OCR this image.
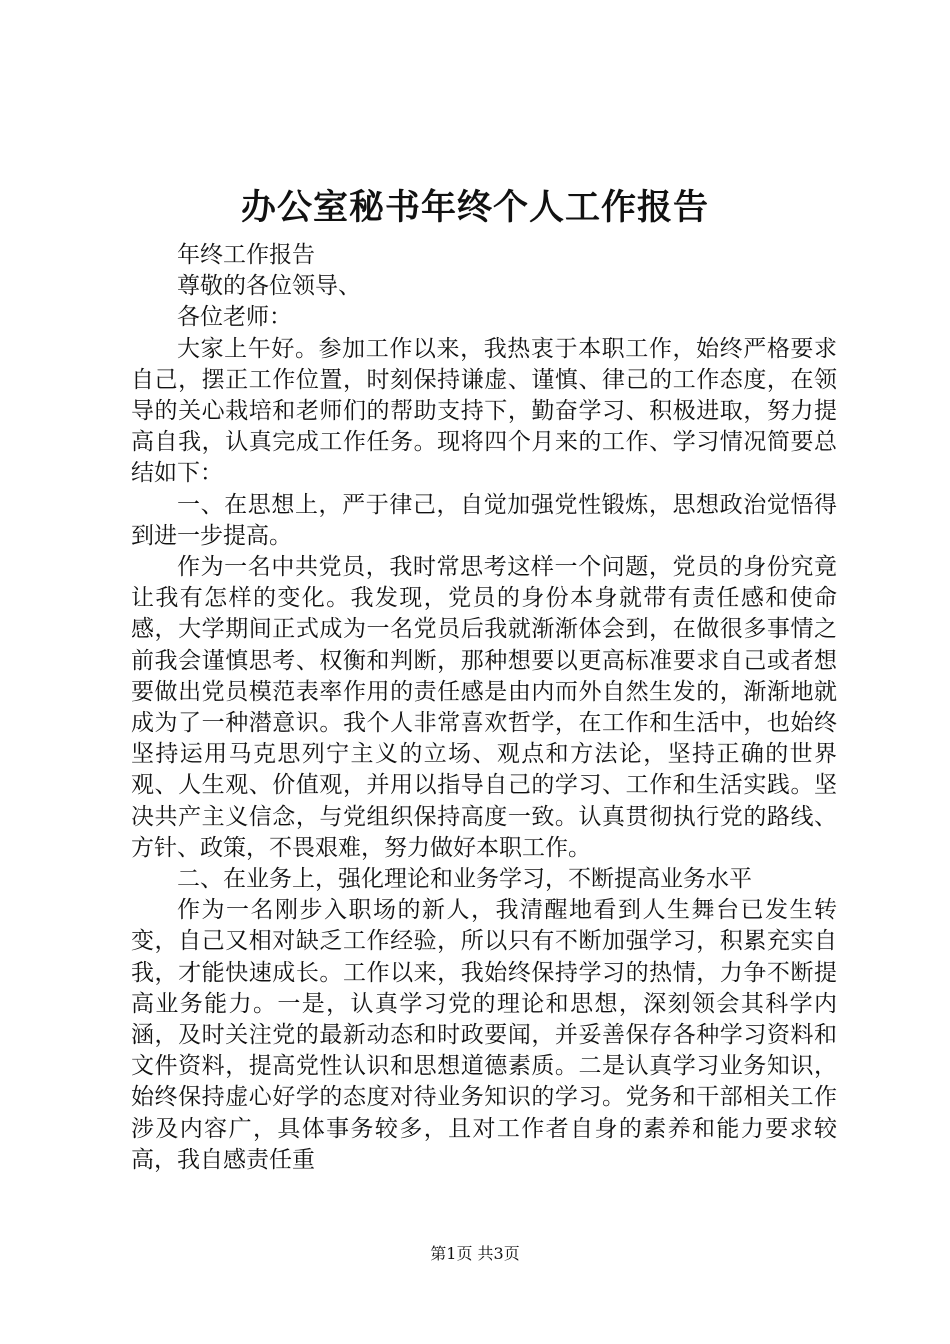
办公室秘书年终个人工作报告

年终工作报告

尊敬的各位领导、

各位老师：

大家上午好。参加工作以来，我热衷于本职工作，始终严格要求自己，摆正工作位置，时刻保持谦虚、谨慎、律己的工作态度，在领导的关心栽培和老师们的帮助支持下，勤奋学习、积极进取，努力提高自我，认真完成工作任务。现将四个月来的工作、学习情况简要总结如下：

一、在思想上，严于律己，自觉加强党性锻炼，思想政治觉悟得到进一步提高。

作为一名中共党员，我时常思考这样一个问题，党员的身份究竟让我有怎样的变化。我发现，党员的身份本身就带有责任感和使命感，大学期间正式成为一名党员后我就渐渐体会到，在做很多事情之前我会谨慎思考、权衡和判断，那种想要以更高标准要求自己或者想要做出党员模范表率作用的责任感是由内而外自然生发的，渐渐地就成为了一种潜意识。我个人非常喜欢哲学，在工作和生活中，也始终坚持运用马克思列宁主义的立场、观点和方法论，坚持正确的世界观、人生观、价值观，并用以指导自己的学习、工作和生活实践。坚决共产主义信念，与党组织保持高度一致。认真贯彻执行党的路线、方针、政策，不畏艰难，努力做好本职工作。

二、在业务上，强化理论和业务学习，不断提高业务水平

作为一名刚步入职场的新人，我清醒地看到人生舞台已发生转变，自己又相对缺乏工作经验，所以只有不断加强学习，积累充实自我，才能快速成长。工作以来，我始终保持学习的热情，力争不断提高业务能力。一是，认真学习党的理论和思想，深刻领会其科学内涵，及时关注党的最新动态和时政要闻，并妥善保存各种学习资料和文件资料，提高党性认识和思想道德素质。二是认真学习业务知识，始终保持虚心好学的态度对待业务知识的学习。党务和干部相关工作涉及内容广，具体事务较多，且对工作者自身的素养和能力要求较高，我自感责任重

第1页 共3页
